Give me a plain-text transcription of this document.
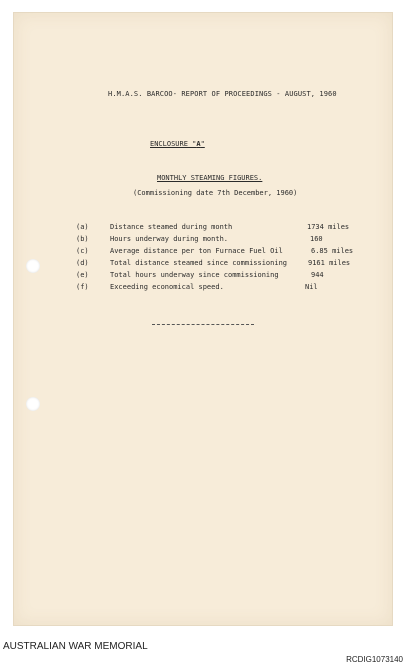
H.M.A.S. BARCOO- REPORT OF PROCEEDINGS - AUGUST, 1960
ENCLOSURE "A"
MONTHLY STEAMING FIGURES.
(Commissioning date 7th December, 1960)
(a)	Distance steamed during month	1734 miles
(b)	Hours underway during month.	160
(c)	Average distance per ton Furnace Fuel Oil	6.85 miles
(d)	Total distance steamed since commissioning	9161 miles
(e)	Total hours underway since commissioning	944
(f)	Exceeding economical speed.	Nil
AUSTRALIAN WAR MEMORIAL
RCDIG1073140
